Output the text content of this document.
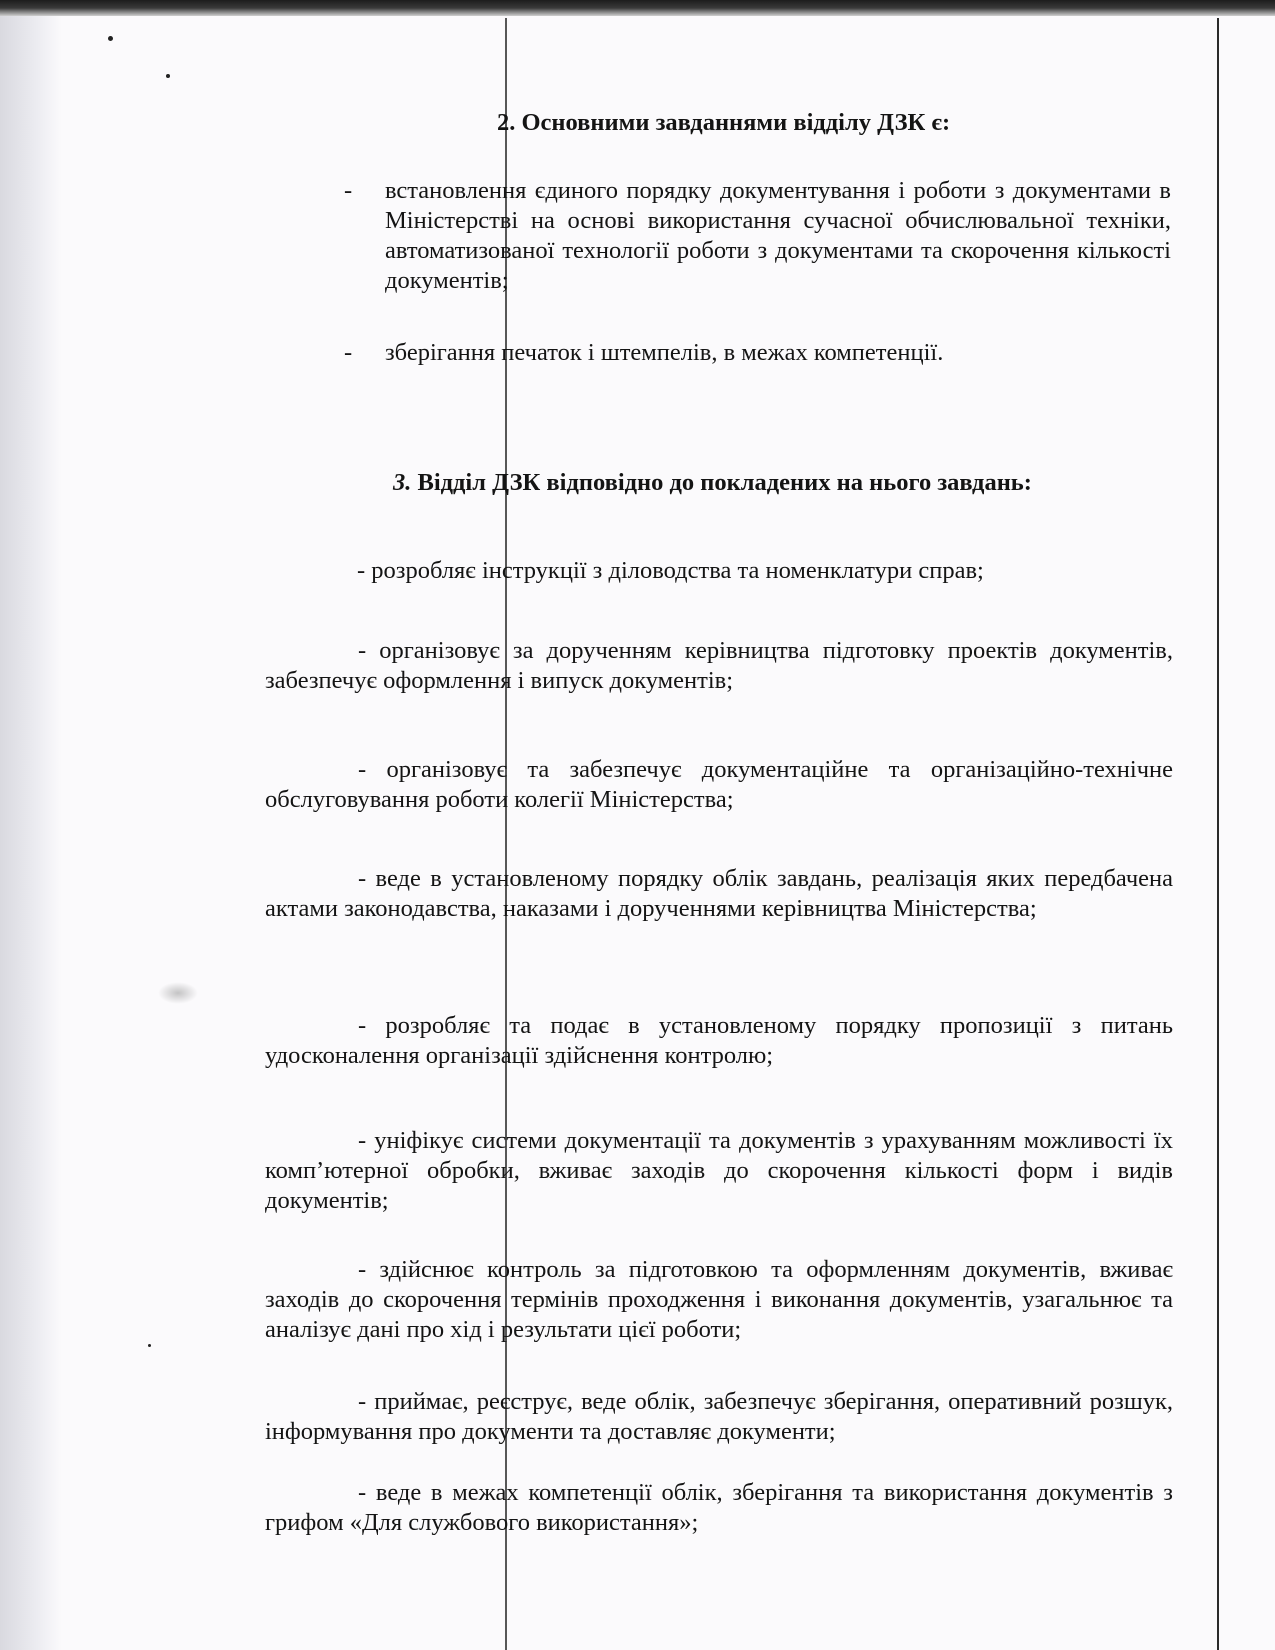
2. Основними завданнями відділу ДЗК є:
- встановлення єдиного порядку документування і роботи з документами в Міністерстві на основі використання сучасної обчислювальної техніки, автоматизованої технології роботи з документами та скорочення кількості документів;
- зберігання печаток і штемпелів, в межах компетенції.
3. Відділ ДЗК відповідно до покладених на нього завдань:

- розробляє інструкції з діловодства та номенклатури справ;

- організовує за дорученням керівництва підготовку проектів документів, забезпечує оформлення і випуск документів;

- організовує та забезпечує документаційне та організаційно-технічне обслуговування роботи колегії Міністерства;

- веде в установленому порядку облік завдань, реалізація яких передбачена актами законодавства, наказами і дорученнями керівництва Міністерства;

- розробляє та подає в установленому порядку пропозиції з питань удосконалення організації здійснення контролю;

- уніфікує системи документації та документів з урахуванням можливості їх комп’ютерної обробки, вживає заходів до скорочення кількості форм і видів документів;

- здійснює контроль за підготовкою та оформленням документів, вживає заходів до скорочення термінів проходження і виконання документів, узагальнює та аналізує дані про хід і результати цієї роботи;

- приймає, реєструє, веде облік, забезпечує зберігання, оперативний розшук, інформування про документи та доставляє документи;

- веде в межах компетенції облік, зберігання та використання документів з грифом «Для службового використання»;
